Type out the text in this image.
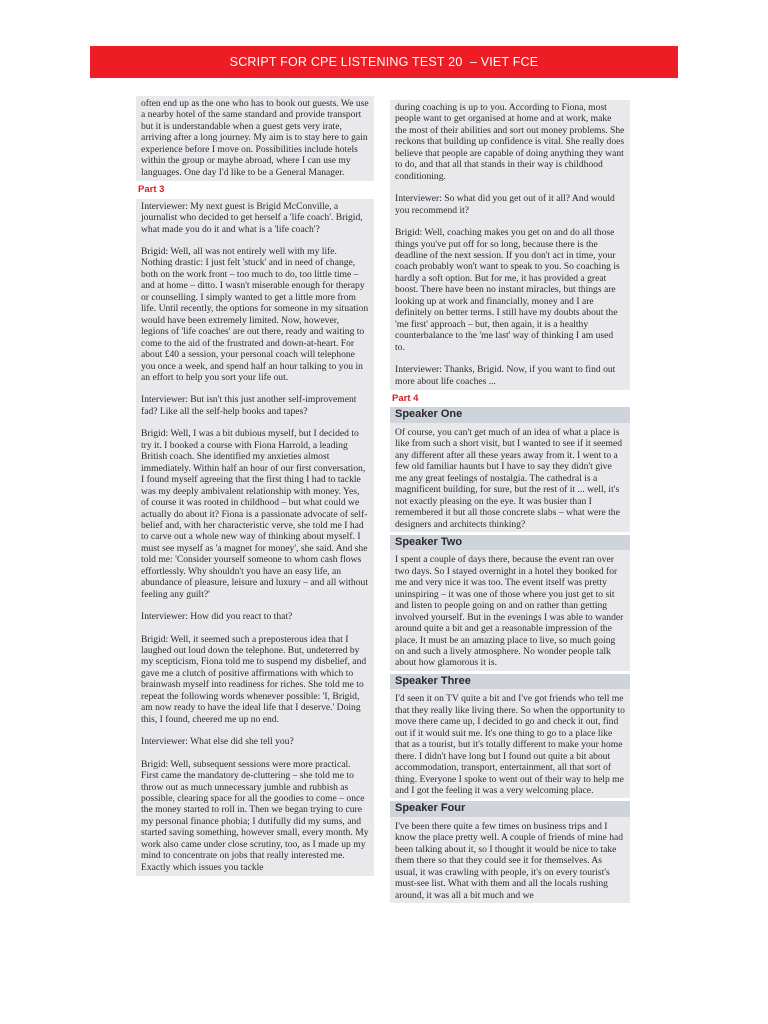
SCRIPT FOR CPE LISTENING TEST 20  – VIET FCE

often end up as the one who has to book out guests. We use a nearby hotel of the same standard and provide transport but it is understandable when a guest gets very irate, arriving after a long journey. My aim is to stay here to gain experience before I move on. Possibilities include hotels within the group or maybe abroad, where I can use my languages. One day I'd like to be a General Manager.

Part 3

Interviewer: My next guest is Brigid McConville, a journalist who decided to get herself a 'life coach'. Brigid, what made you do it and what is a 'life coach'?

Brigid: Well, all was not entirely well with my life. Nothing drastic: I just felt 'stuck' and in need of change, both on the work front – too much to do, too little time – and at home – ditto. I wasn't miserable enough for therapy or counselling. I simply wanted to get a little more from life. Until recently, the options for someone in my situation would have been extremely limited. Now, however, legions of 'life coaches' are out there, ready and waiting to come to the aid of the frustrated and down-at-heart. For about £40 a session, your personal coach will telephone you once a week, and spend half an hour talking to you in an effort to help you sort your life out.

Interviewer: But isn't this just another self-improvement fad? Like all the self-help books and tapes?

Brigid: Well, I was a bit dubious myself, but I decided to try it. I booked a course with Fiona Harrold, a leading British coach. She identified my anxieties almost immediately. Within half an hour of our first conversation, I found myself agreeing that the first thing I had to tackle was my deeply ambivalent relationship with money. Yes, of course it was rooted in childhood – but what could we actually do about it? Fiona is a passionate advocate of self-belief and, with her characteristic verve, she told me I had to carve out a whole new way of thinking about myself. I must see myself as 'a magnet for money', she said. And she told me: 'Consider yourself someone to whom cash flows effortlessly. Why shouldn't you have an easy life, an abundance of pleasure, leisure and luxury – and all without feeling any guilt?'

Interviewer: How did you react to that?

Brigid: Well, it seemed such a preposterous idea that I laughed out loud down the telephone. But, undeterred by my scepticism, Fiona told me to suspend my disbelief, and gave me a clutch of positive affirmations with which to brainwash myself into readiness for riches. She told me to repeat the following words whenever possible: 'I, Brigid, am now ready to have the ideal life that I deserve.' Doing this, I found, cheered me up no end.

Interviewer: What else did she tell you?

Brigid: Well, subsequent sessions were more practical. First came the mandatory de-cluttering – she told me to throw out as much unnecessary jumble and rubbish as possible, clearing space for all the goodies to come – once the money started to roll in. Then we began trying to cure my personal finance phobia; I dutifully did my sums, and started saving something, however small, every month. My work also came under close scrutiny, too, as I made up my mind to concentrate on jobs that really interested me. Exactly which issues you tackle

during coaching is up to you. According to Fiona, most people want to get organised at home and at work, make the most of their abilities and sort out money problems. She reckons that building up confidence is vital. She really does believe that people are capable of doing anything they want to do, and that all that stands in their way is childhood conditioning.

Interviewer: So what did you get out of it all? And would you recommend it?

Brigid: Well, coaching makes you get on and do all those things you've put off for so long, because there is the deadline of the next session. If you don't act in time, your coach probably won't want to speak to you. So coaching is hardly a soft option. But for me, it has provided a great boost. There have been no instant miracles, but things are looking up at work and financially, money and I are definitely on better terms. I still have my doubts about the 'me first' approach – but, then again, it is a healthy counterbalance to the 'me last' way of thinking I am used to.

Interviewer: Thanks, Brigid. Now, if you want to find out more about life coaches ...

Part 4
Speaker One

Of course, you can't get much of an idea of what a place is like from such a short visit, but I wanted to see if it seemed any different after all these years away from it. I went to a few old familiar haunts but I have to say they didn't give me any great feelings of nostalgia. The cathedral is a magnificent building, for sure, but the rest of it ... well, it's not exactly pleasing on the eye. It was busier than I remembered it but all those concrete slabs – what were the designers and architects thinking?

Speaker Two

I spent a couple of days there, because the event ran over two days. So I stayed overnight in a hotel they booked for me and very nice it was too. The event itself was pretty uninspiring – it was one of those where you just get to sit and listen to people going on and on rather than getting involved yourself. But in the evenings I was able to wander around quite a bit and get a reasonable impression of the place. It must be an amazing place to live, so much going on and such a lively atmosphere. No wonder people talk about how glamorous it is.

Speaker Three

I'd seen it on TV quite a bit and I've got friends who tell me that they really like living there. So when the opportunity to move there came up, I decided to go and check it out, find out if it would suit me. It's one thing to go to a place like that as a tourist, but it's totally different to make your home there. I didn't have long but I found out quite a bit about accommodation, transport, entertainment, all that sort of thing. Everyone I spoke to went out of their way to help me and I got the feeling it was a very welcoming place.

Speaker Four

I've been there quite a few times on business trips and I know the place pretty well. A couple of friends of mine had been talking about it, so I thought it would be nice to take them there so that they could see it for themselves. As usual, it was crawling with people, it's on every tourist's must-see list. What with them and all the locals rushing around, it was all a bit much and we
